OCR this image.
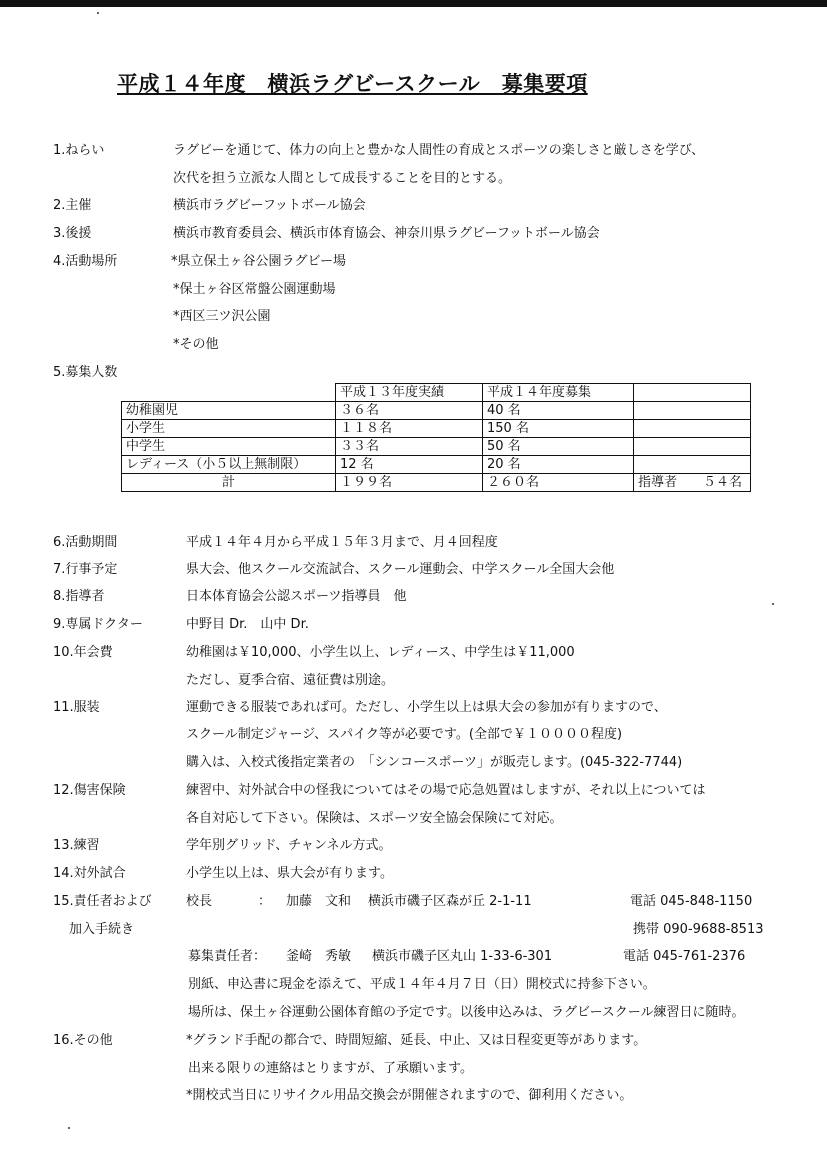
平成１４年度　横浜ラグビースクール　募集要項
1.ねらい	ラグビーを通じて、体力の向上と豊かな人間性の育成とスポーツの楽しさと厳しさを学び、
次代を担う立派な人間として成長することを目的とする。
2.主催	横浜市ラグビーフットボール協会
3.後援	横浜市教育委員会、横浜市体育協会、神奈川県ラグビーフットボール協会
4.活動場所	*県立保土ヶ谷公園ラグビー場
*保土ヶ谷区常盤公園運動場
*西区三ツ沢公園
*その他
5.募集人数
	平成１３年度実績	平成１４年度募集	
幼稚園児	３６名	40 名	
小学生	１１８名	150 名	
中学生	３３名	50 名	
レディース（小５以上無制限）	12 名	20 名	
計	１９９名	２６０名	指導者　　５４名
6.活動期間	平成１４年４月から平成１５年３月まで、月４回程度
7.行事予定	県大会、他スクール交流試合、スクール運動会、中学スクール全国大会他
8.指導者	日本体育協会公認スポーツ指導員　他
9.専属ドクター	中野目 Dr.　山中 Dr.
10.年会費	幼稚園は￥10,000、小学生以上、レディース、中学生は￥11,000
ただし、夏季合宿、遠征費は別途。
11.服装	運動できる服装であれば可。ただし、小学生以上は県大会の参加が有りますので、
スクール制定ジャージ、スパイク等が必要です。(全部で￥１００００程度)
購入は、入校式後指定業者の　「シンコースポーツ」が販売します。(045-322-7744)
12.傷害保険	練習中、対外試合中の怪我についてはその場で応急処置はしますが、それ以上については
各自対応して下さい。保険は、スポーツ安全協会保険にて対応。
13.練習	学年別グリッド、チャンネル方式。
14.対外試合	小学生以上は、県大会が有ります。
15.責任者および
加入手続き
校長	： 加藤　文和 横浜市磯子区森が丘 2-1-11	電話 045-848-1150
携帯 090-9688-8513
募集責任者： 釜崎　秀敏 横浜市磯子区丸山 1-33-6-301	電話 045-761-2376
別紙、申込書に現金を添えて、平成１４年４月７日（日）開校式に持参下さい。
場所は、保土ヶ谷運動公園体育館の予定です。以後申込みは、ラグビースクール練習日に随時。
16.その他	*グランド手配の都合で、時間短縮、延長、中止、又は日程変更等があります。
出来る限りの連絡はとりますが、了承願います。
*開校式当日にリサイクル用品交換会が開催されますので、御利用ください。
